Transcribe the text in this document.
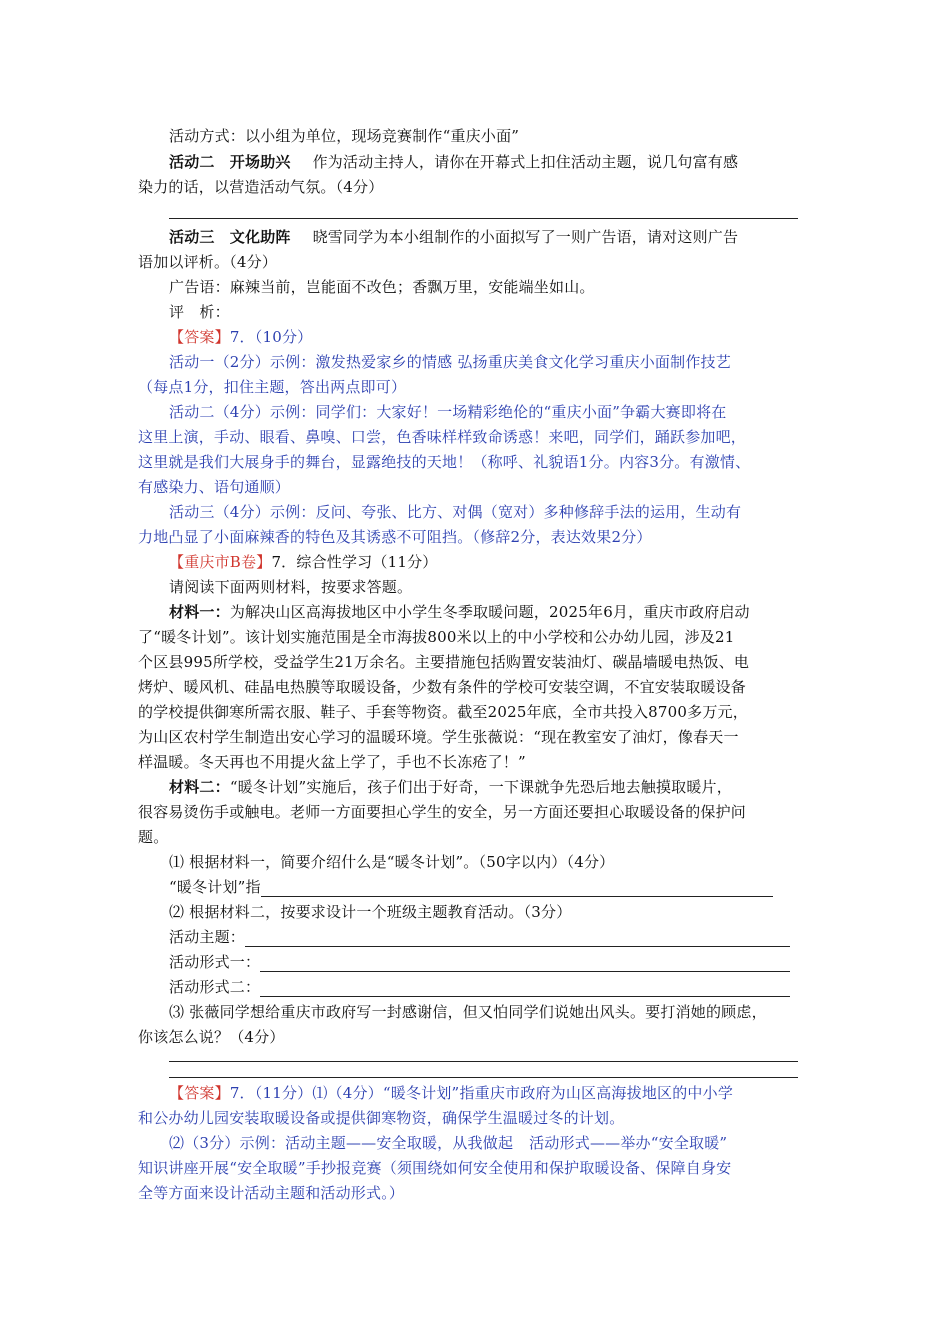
活动方式：以小组为单位，现场竞赛制作“重庆小面”
活动二　开场助兴 作为活动主持人，请你在开幕式上扣住活动主题，说几句富有感
染力的话，以营造活动气氛。（4分）
活动三　文化助阵 晓雪同学为本小组制作的小面拟写了一则广告语，请对这则广告
语加以评析。（4分）
广告语：麻辣当前，岂能面不改色；香飘万里，安能端坐如山。
评　析：
【答案】7．（10分）
活动一（2分）示例：激发热爱家乡的情感 弘扬重庆美食文化学习重庆小面制作技艺
（每点1分，扣住主题，答出两点即可）
活动二（4分）示例：同学们：大家好！一场精彩绝伦的“重庆小面”争霸大赛即将在
这里上演，手动、眼看、鼻嗅、口尝，色香味样样致命诱惑！来吧，同学们，踊跃参加吧，
这里就是我们大展身手的舞台，显露绝技的天地！（称呼、礼貌语1分。内容3分。有激情、
有感染力、语句通顺）
活动三（4分）示例：反问、夸张、比方、对偶（宽对）多种修辞手法的运用，生动有
力地凸显了小面麻辣香的特色及其诱惑不可阻挡。（修辞2分，表达效果2分）
【重庆市B卷】7．综合性学习（11分）
请阅读下面两则材料，按要求答题。
材料一：为解决山区高海拔地区中小学生冬季取暖问题，2025年6月，重庆市政府启动
了“暖冬计划”。该计划实施范围是全市海拔800米以上的中小学校和公办幼儿园，涉及21
个区县995所学校，受益学生21万余名。主要措施包括购置安装油灯、碳晶墙暖电热饭、电
烤炉、暖风机、硅晶电热膜等取暖设备，少数有条件的学校可安装空调，不宜安装取暖设备
的学校提供御寒所需衣服、鞋子、手套等物资。截至2025年底，全市共投入8700多万元，
为山区农村学生制造出安心学习的温暖环境。学生张薇说：“现在教室安了油灯，像春天一
样温暖。冬天再也不用提火盆上学了，手也不长冻疮了！”
材料二：“暖冬计划”实施后，孩子们出于好奇，一下课就争先恐后地去触摸取暖片，
很容易烫伤手或触电。老师一方面要担心学生的安全，另一方面还要担心取暖设备的保护问
题。
⑴ 根据材料一，简要介绍什么是“暖冬计划”。（50字以内）（4分）
“暖冬计划”指
⑵ 根据材料二，按要求设计一个班级主题教育活动。（3分）
活动主题：
活动形式一：
活动形式二：
⑶ 张薇同学想给重庆市政府写一封感谢信，但又怕同学们说她出风头。要打消她的顾虑，
你该怎么说？（4分）
【答案】7．（11分）⑴（4分）“暖冬计划”指重庆市政府为山区高海拔地区的中小学
和公办幼儿园安装取暖设备或提供御寒物资，确保学生温暖过冬的计划。
⑵（3分）示例：活动主题——安全取暖，从我做起 活动形式——举办“安全取暖”
知识讲座开展“安全取暖”手抄报竞赛（须围绕如何安全使用和保护取暖设备、保障自身安
全等方面来设计活动主题和活动形式。）
